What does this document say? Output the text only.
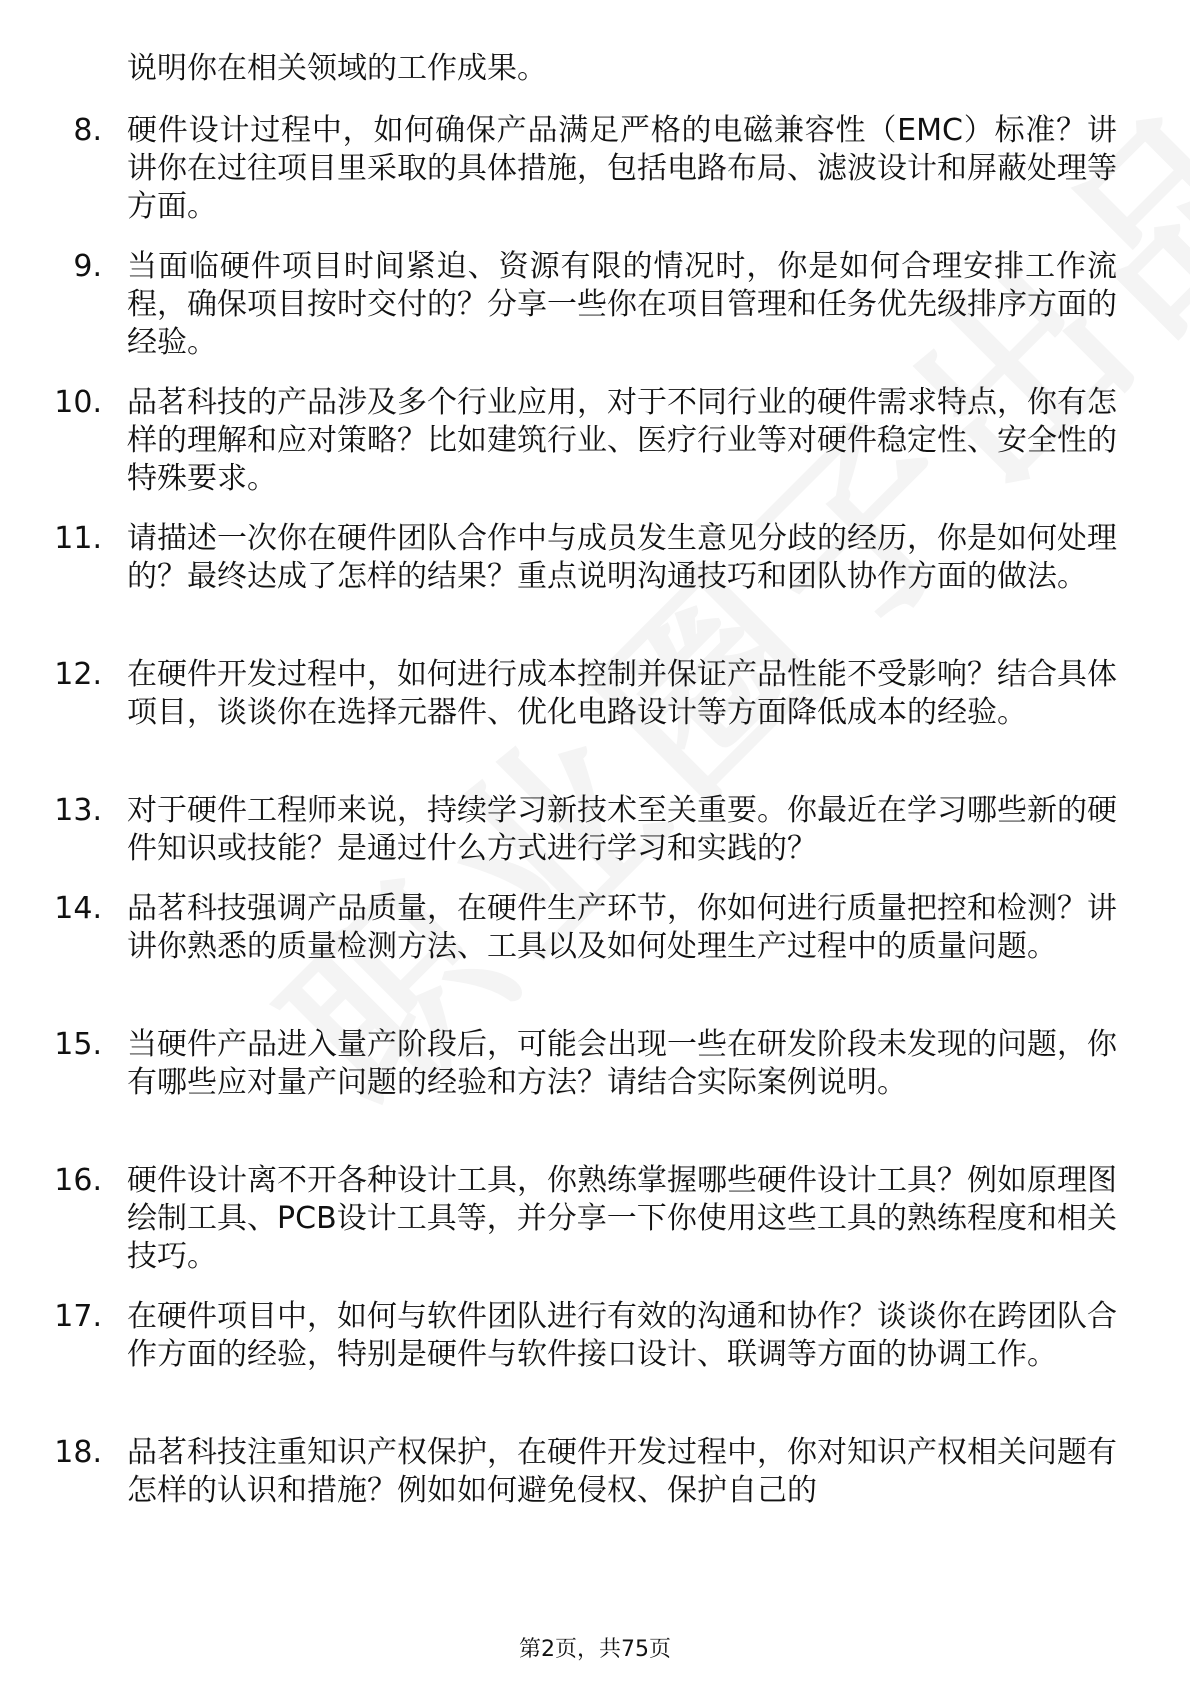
说明你在相关领域的工作成果。

8. 硬件设计过程中，如何确保产品满足严格的电磁兼容性（EMC）标准？讲讲你在过往项目里采取的具体措施，包括电路布局、滤波设计和屏蔽处理等方面。

9. 当面临硬件项目时间紧迫、资源有限的情况时，你是如何合理安排工作流程，确保项目按时交付的？分享一些你在项目管理和任务优先级排序方面的经验。

10. 品茗科技的产品涉及多个行业应用，对于不同行业的硬件需求特点，你有怎样的理解和应对策略？比如建筑行业、医疗行业等对硬件稳定性、安全性的特殊要求。

11. 请描述一次你在硬件团队合作中与成员发生意见分歧的经历，你是如何处理的？最终达成了怎样的结果？重点说明沟通技巧和团队协作方面的做法。

12. 在硬件开发过程中，如何进行成本控制并保证产品性能不受影响？结合具体项目，谈谈你在选择元器件、优化电路设计等方面降低成本的经验。

13. 对于硬件工程师来说，持续学习新技术至关重要。你最近在学习哪些新的硬件知识或技能？是通过什么方式进行学习和实践的？

14. 品茗科技强调产品质量，在硬件生产环节，你如何进行质量把控和检测？讲讲你熟悉的质量检测方法、工具以及如何处理生产过程中的质量问题。

15. 当硬件产品进入量产阶段后，可能会出现一些在研发阶段未发现的问题，你有哪些应对量产问题的经验和方法？请结合实际案例说明。

16. 硬件设计离不开各种设计工具，你熟练掌握哪些硬件设计工具？例如原理图绘制工具、PCB设计工具等，并分享一下你使用这些工具的熟练程度和相关技巧。

17. 在硬件项目中，如何与软件团队进行有效的沟通和协作？谈谈你在跨团队合作方面的经验，特别是硬件与软件接口设计、联调等方面的协调工作。

18. 品茗科技注重知识产权保护，在硬件开发过程中，你对知识产权相关问题有怎样的认识和措施？例如如何避免侵权、保护自己的

第2页，共75页
